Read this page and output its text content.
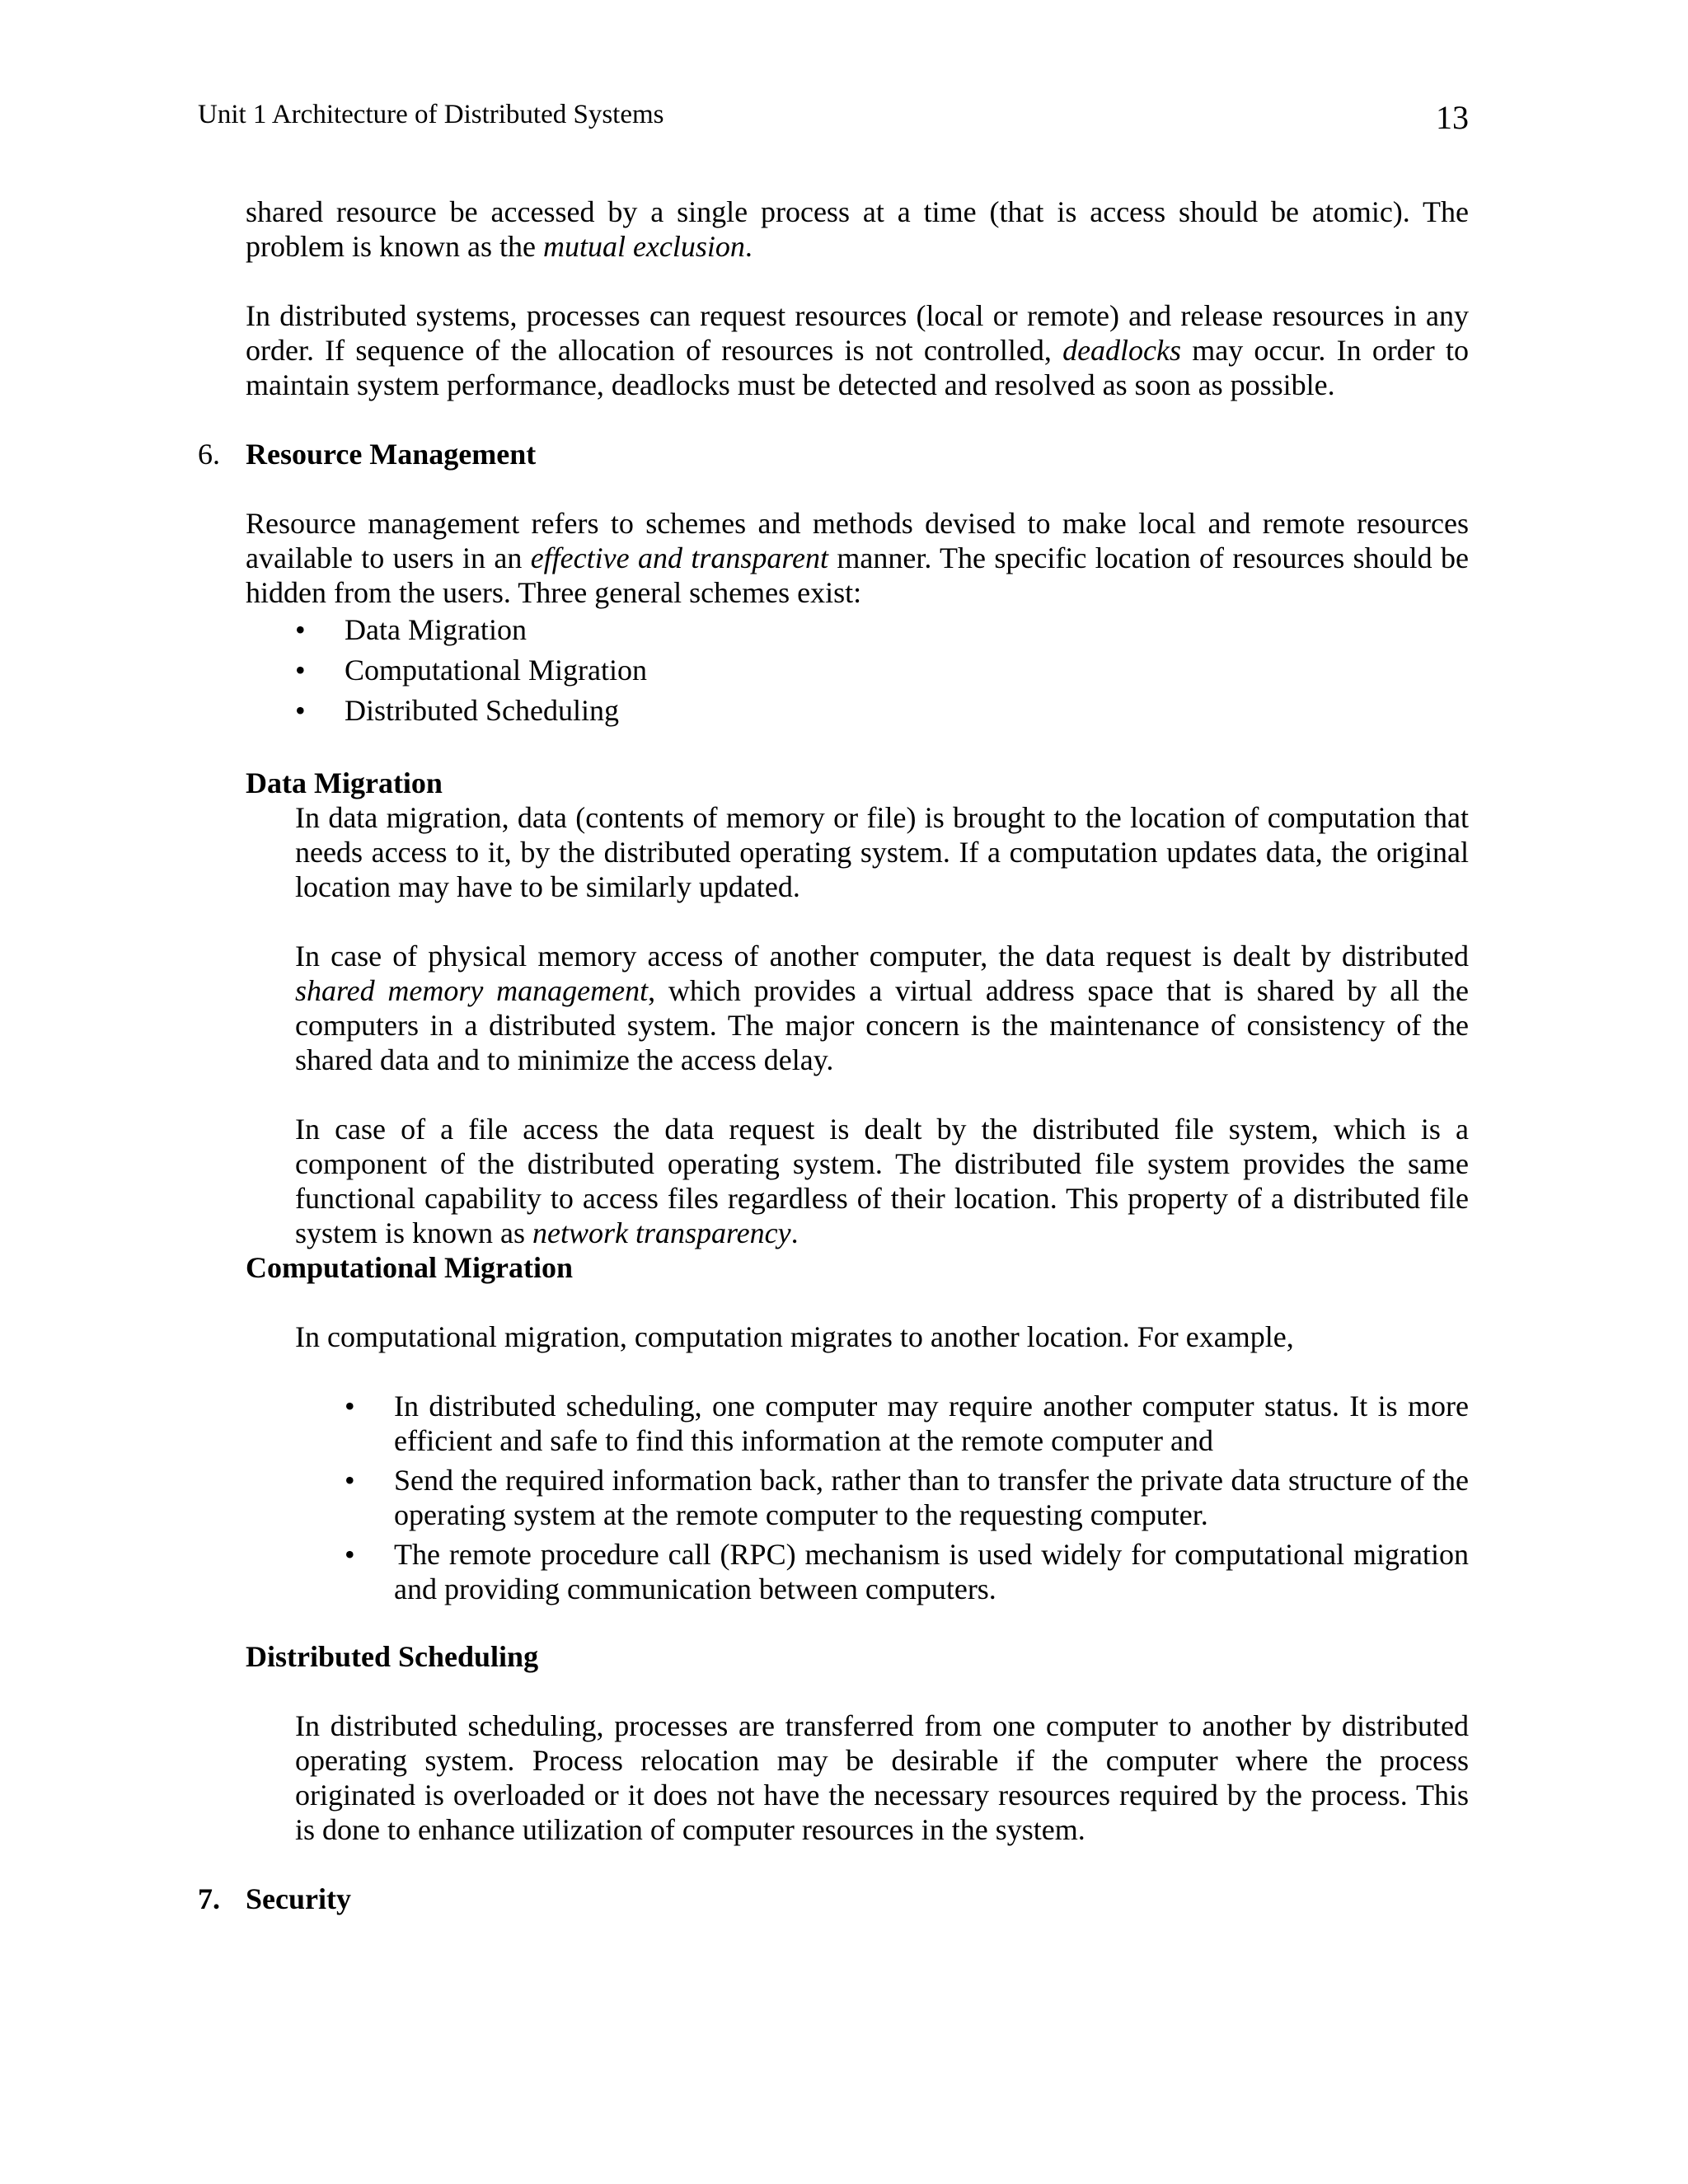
Unit 1 Architecture of Distributed Systems	13

shared resource be accessed by a single process at a time (that is access should be atomic). The problem is known as the mutual exclusion.

In distributed systems, processes can request resources (local or remote) and release resources in any order. If sequence of the allocation of resources is not controlled, deadlocks may occur. In order to maintain system performance, deadlocks must be detected and resolved as soon as possible.

6. Resource Management

Resource management refers to schemes and methods devised to make local and remote resources available to users in an effective and transparent manner. The specific location of resources should be hidden from the users. Three general schemes exist:

• Data Migration
• Computational Migration
• Distributed Scheduling
Data Migration

In data migration, data (contents of memory or file) is brought to the location of computation that needs access to it, by the distributed operating system. If a computation updates data, the original location may have to be similarly updated.

In case of physical memory access of another computer, the data request is dealt by distributed shared memory management, which provides a virtual address space that is shared by all the computers in a distributed system. The major concern is the maintenance of consistency of the shared data and to minimize the access delay.

In case of a file access the data request is dealt by the distributed file system, which is a component of the distributed operating system. The distributed file system provides the same functional capability to access files regardless of their location. This property of a distributed file system is known as network transparency.

Computational Migration

In computational migration, computation migrates to another location. For example,

• In distributed scheduling, one computer may require another computer status. It is more efficient and safe to find this information at the remote computer and
• Send the required information back, rather than to transfer the private data structure of the operating system at the remote computer to the requesting computer.
• The remote procedure call (RPC) mechanism is used widely for computational migration and providing communication between computers.
Distributed Scheduling

In distributed scheduling, processes are transferred from one computer to another by distributed operating system. Process relocation may be desirable if the computer where the process originated is overloaded or it does not have the necessary resources required by the process. This is done to enhance utilization of computer resources in the system.

7. Security
